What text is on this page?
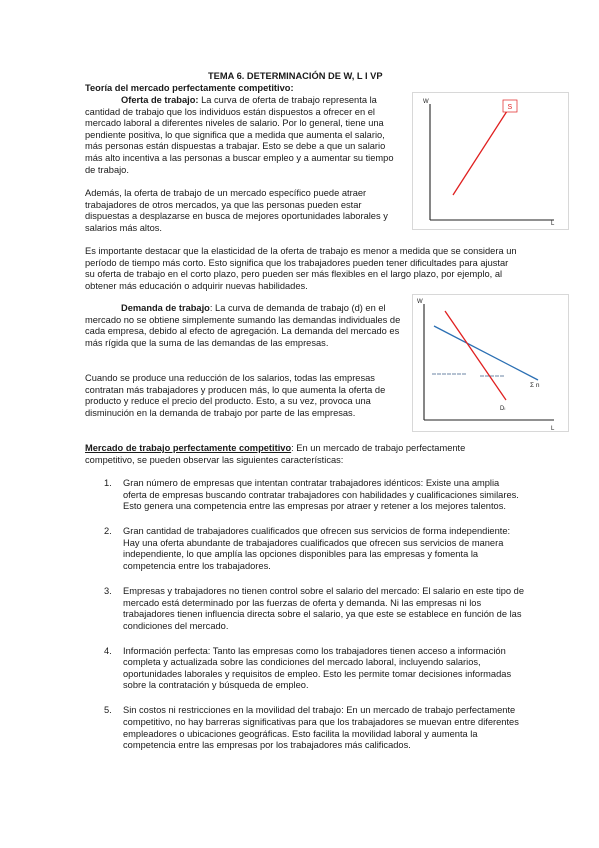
TEMA 6. DETERMINACIÓN DE W, L I VP
Teoría del mercado perfectamente competitivo:
Oferta de trabajo: La curva de oferta de trabajo representa la cantidad de trabajo que los individuos están dispuestos a ofrecer en el mercado laboral a diferentes niveles de salario. Por lo general, tiene una pendiente positiva, lo que significa que a medida que aumenta el salario, más personas están dispuestas a trabajar. Esto se debe a que un salario más alto incentiva a las personas a buscar empleo y a aumentar su tiempo de trabajo.
Además, la oferta de trabajo de un mercado específico puede atraer trabajadores de otros mercados, ya que las personas pueden estar dispuestas a desplazarse en busca de mejores oportunidades laborales y salarios más altos.
W
L
S
Es importante destacar que la elasticidad de la oferta de trabajo es menor a medida que se considera un período de tiempo más corto. Esto significa que los trabajadores pueden tener dificultades para ajustar su oferta de trabajo en el corto plazo, pero pueden ser más flexibles en el largo plazo, por ejemplo, al obtener más educación o adquirir nuevas habilidades.
Demanda de trabajo: La curva de demanda de trabajo (d) en el mercado no se obtiene simplemente sumando las demandas individuales de cada empresa, debido al efecto de agregación. La demanda del mercado es más rígida que la suma de las demandas de las empresas.
Cuando se produce una reducción de los salarios, todas las empresas contratan más trabajadores y producen más, lo que aumenta la oferta de producto y reduce el precio del producto. Esto, a su vez, provoca una disminución en la demanda de trabajo por parte de las empresas.
W
L
Σ n
Dₗ
Mercado de trabajo perfectamente competitivo: En un mercado de trabajo perfectamente competitivo, se pueden observar las siguientes características:
1. Gran número de empresas que intentan contratar trabajadores idénticos: Existe una amplia oferta de empresas buscando contratar trabajadores con habilidades y cualificaciones similares. Esto genera una competencia entre las empresas por atraer y retener a los mejores talentos.
2. Gran cantidad de trabajadores cualificados que ofrecen sus servicios de forma independiente: Hay una oferta abundante de trabajadores cualificados que ofrecen sus servicios de manera independiente, lo que amplía las opciones disponibles para las empresas y fomenta la competencia entre los trabajadores.
3. Empresas y trabajadores no tienen control sobre el salario del mercado: El salario en este tipo de mercado está determinado por las fuerzas de oferta y demanda. Ni las empresas ni los trabajadores tienen influencia directa sobre el salario, ya que este se establece en función de las condiciones del mercado.
4. Información perfecta: Tanto las empresas como los trabajadores tienen acceso a información completa y actualizada sobre las condiciones del mercado laboral, incluyendo salarios, oportunidades laborales y requisitos de empleo. Esto les permite tomar decisiones informadas sobre la contratación y búsqueda de empleo.
5. Sin costos ni restricciones en la movilidad del trabajo: En un mercado de trabajo perfectamente competitivo, no hay barreras significativas para que los trabajadores se muevan entre diferentes empleadores o ubicaciones geográficas. Esto facilita la movilidad laboral y aumenta la competencia entre las empresas por los trabajadores más calificados.
